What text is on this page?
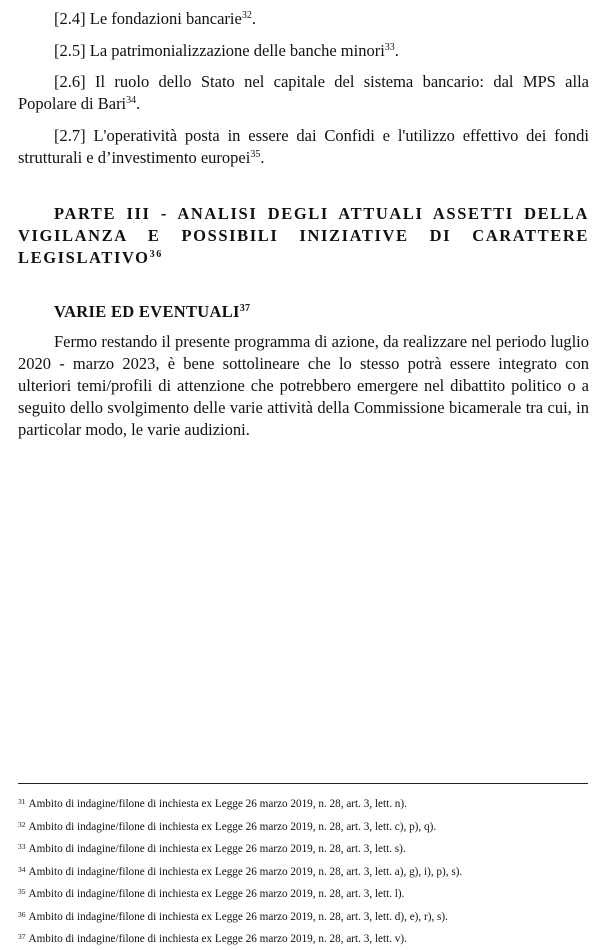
[2.4] Le fondazioni bancarie$^{32}$.

[2.5] La patrimonializzazione delle banche minori$^{33}$.

[2.6] Il ruolo dello Stato nel capitale del sistema bancario: dal MPS alla Popolare di Bari$^{34}$.

[2.7] L'operatività posta in essere dai Confidi e l'utilizzo effettivo dei fondi strutturali e d’investimento europei$^{35}$.

PARTE III - ANALISI DEGLI ATTUALI ASSETTI DELLA VIGILANZA E POSSIBILI INIZIATIVE DI CARATTERE LEGISLATIVO$^{36}$

VARIE ED EVENTUALI$^{37}$

Fermo restando il presente programma di azione, da realizzare nel periodo luglio 2020 - marzo 2023, è bene sottolineare che lo stesso potrà essere integrato con ulteriori temi/profili di attenzione che potrebbero emergere nel dibattito politico o a seguito dello svolgimento delle varie attività della Commissione bicamerale tra cui, in particolar modo, le varie audizioni.

$^{31}$ Ambito di indagine/filone di inchiesta ex Legge 26 marzo 2019, n. 28, art. 3, lett. n).
$^{32}$ Ambito di indagine/filone di inchiesta ex Legge 26 marzo 2019, n. 28, art. 3, lett. c), p), q).
$^{33}$ Ambito di indagine/filone di inchiesta ex Legge 26 marzo 2019, n. 28, art. 3, lett. s).
$^{34}$ Ambito di indagine/filone di inchiesta ex Legge 26 marzo 2019, n. 28, art. 3, lett. a), g), i), p), s).
$^{35}$ Ambito di indagine/filone di inchiesta ex Legge 26 marzo 2019, n. 28, art. 3, lett. l).
$^{36}$ Ambito di indagine/filone di inchiesta ex Legge 26 marzo 2019, n. 28, art. 3, lett. d), e), r), s).
$^{37}$ Ambito di indagine/filone di inchiesta ex Legge 26 marzo 2019, n. 28, art. 3, lett. v).
